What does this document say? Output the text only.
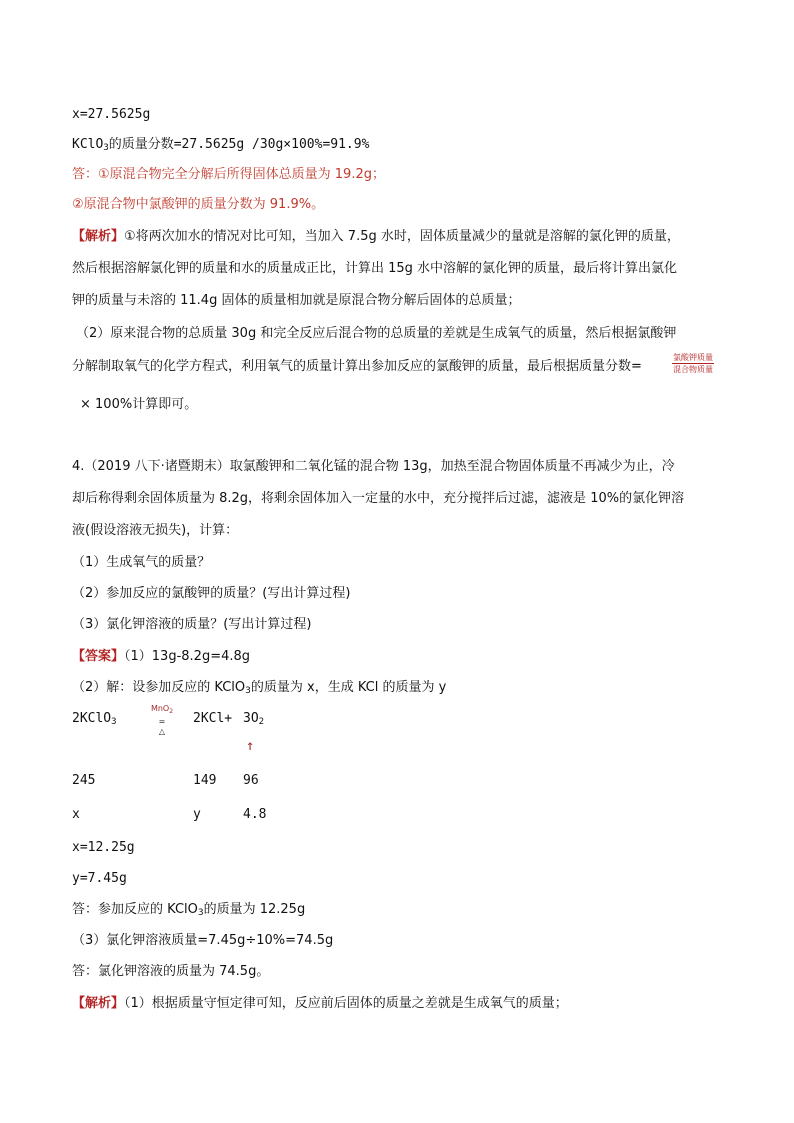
x=27.5625g
KClO$_3$的质量分数=27.5625g /30g×100%=91.9%
答：①原混合物完全分解后所得固体总质量为 19.2g；
②原混合物中氯酸钾的质量分数为 91.9%。
【解析】①将两次加水的情况对比可知，当加入 7.5g 水时，固体质量减少的量就是溶解的氯化钾的质量，
然后根据溶解氯化钾的质量和水的质量成正比，计算出 15g 水中溶解的氯化钾的质量，最后将计算出氯化
钾的质量与未溶的 11.4g 固体的质量相加就是原混合物分解后固体的总质量；
（2）原来混合物的总质量 30g 和完全反应后混合物的总质量的差就是生成氧气的质量，然后根据氯酸钾
分解制取氧气的化学方程式，利用氧气的质量计算出参加反应的氯酸钾的质量，最后根据质量分数=
氯酸钾质量
混合物质量
× 100%计算即可。
4.（2019 八下·诸暨期末）取氯酸钾和二氧化锰的混合物 13g，加热至混合物固体质量不再减少为止，冷
却后称得剩余固体质量为 8.2g，将剩余固体加入一定量的水中，充分搅拌后过滤，滤液是 10%的氯化钾溶
液(假设溶液无损失)，计算：
（1）生成氧气的质量？
（2）参加反应的氯酸钾的质量？(写出计算过程)
（3）氯化钾溶液的质量？(写出计算过程)
【答案】（1）13g-8.2g=4.8g
（2）解：设参加反应的 KClO$_3$的质量为 x，生成 KCl 的质量为 y
2KClO$_3$
MnO$_2$
=
△
$2KCl+ 3O_2$
↑
245	149 96
x	y	4.8
x=12.25g
y=7.45g
答：参加反应的 KClO$_3$的质量为 12.25g
（3）氯化钾溶液质量=7.45g÷10%=74.5g
答：氯化钾溶液的质量为 74.5g。
【解析】（1）根据质量守恒定律可知，反应前后固体的质量之差就是生成氧气的质量；
